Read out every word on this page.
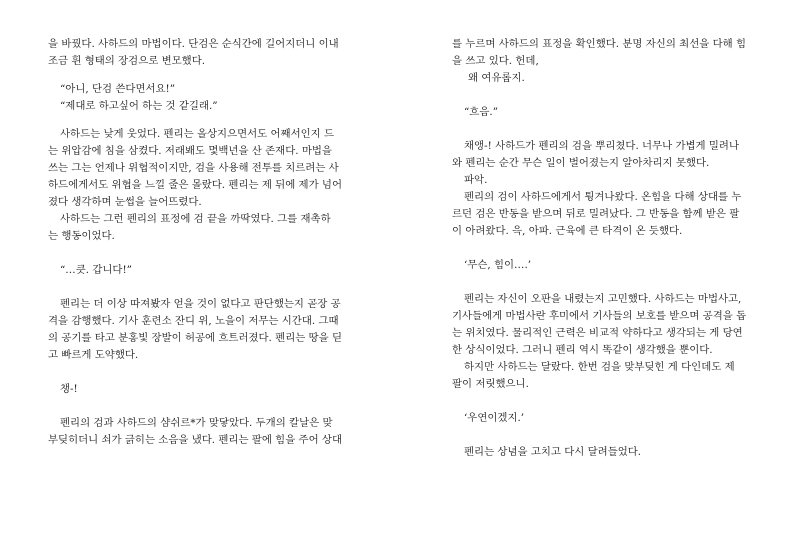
을 바꿨다. 사하드의 마법이다. 단검은 순식간에 길어지더니 이내
조금 휜 형태의 장검으로 변모했다.
“아니, 단검 쓴다면서요!”
“제대로 하고싶어 하는 것 같길래.”
사하드는 낮게 웃었다. 펜리는 올상지으면서도 어째서인지 드
는 위압감에 침을 삼켰다. 저래봬도 몇백년을 산 존재다. 마법을
쓰는 그는 언제나 위협적이지만, 검을 사용해 전투를 치르려는 사
하드에게서도 위협을 느낄 줄은 몰랐다. 펜리는 제 뒤에 제가 넘어
졌다 생각하며 눈썹을 늘어뜨렸다.
사하드는 그런 펜리의 표정에 검 끝을 까딱였다. 그를 재촉하
는 행동이었다.
“…큿. 갑니다!”
펜리는 더 이상 따져봤자 얻을 것이 없다고 판단했는지 곧장 공
격을 감행했다. 기사 훈련소 잔디 위, 노을이 저무는 시간대. 그때
의 공기를 타고 분홍빛 장발이 허공에 흐트러졌다. 펜리는 땅을 딛
고 빠르게 도약했다.
챙-!
펜리의 검과 사하드의 샴쉬르*가 맞닿았다. 두개의 칼날은 맞
부딪히더니 쇠가 긁히는 소음을 냈다. 펜리는 팔에 힘을 주어 상대
를 누르며 사하드의 표정을 확인했다. 분명 자신의 최선을 다해 힘
을 쓰고 있다. 헌데,
왜 여유롭지.
“흐음.”
채앵-! 사하드가 펜리의 검을 뿌리쳤다. 너무나 가볍게 밀려나
와 펜리는 순간 무슨 일이 벌어졌는지 알아차리지 못했다.
파악.
펜리의 검이 사하드에게서 튕겨나왔다. 온힘을 다해 상대를 누
르던 검은 반동을 받으며 뒤로 밀려났다. 그 반동을 함께 받은 팔
이 아려왔다. 윽, 아파. 근육에 큰 타격이 온 듯했다.
‘무슨, 힘이….’
펜리는 자신이 오판을 내렸는지 고민했다. 사하드는 마법사고,
기사들에게 마법사란 후미에서 기사들의 보호를 받으며 공격을 돕
는 위치였다. 물리적인 근력은 비교적 약하다고 생각되는 게 당연
한 상식이었다. 그러니 펜리 역시 똑같이 생각했을 뿐이다.
하지만 사하드는 달랐다. 한번 검을 맞부딪힌 게 다인데도 제
팔이 저릿했으니.
‘우연이겠지.’
펜리는 상념을 고치고 다시 달려들었다.
